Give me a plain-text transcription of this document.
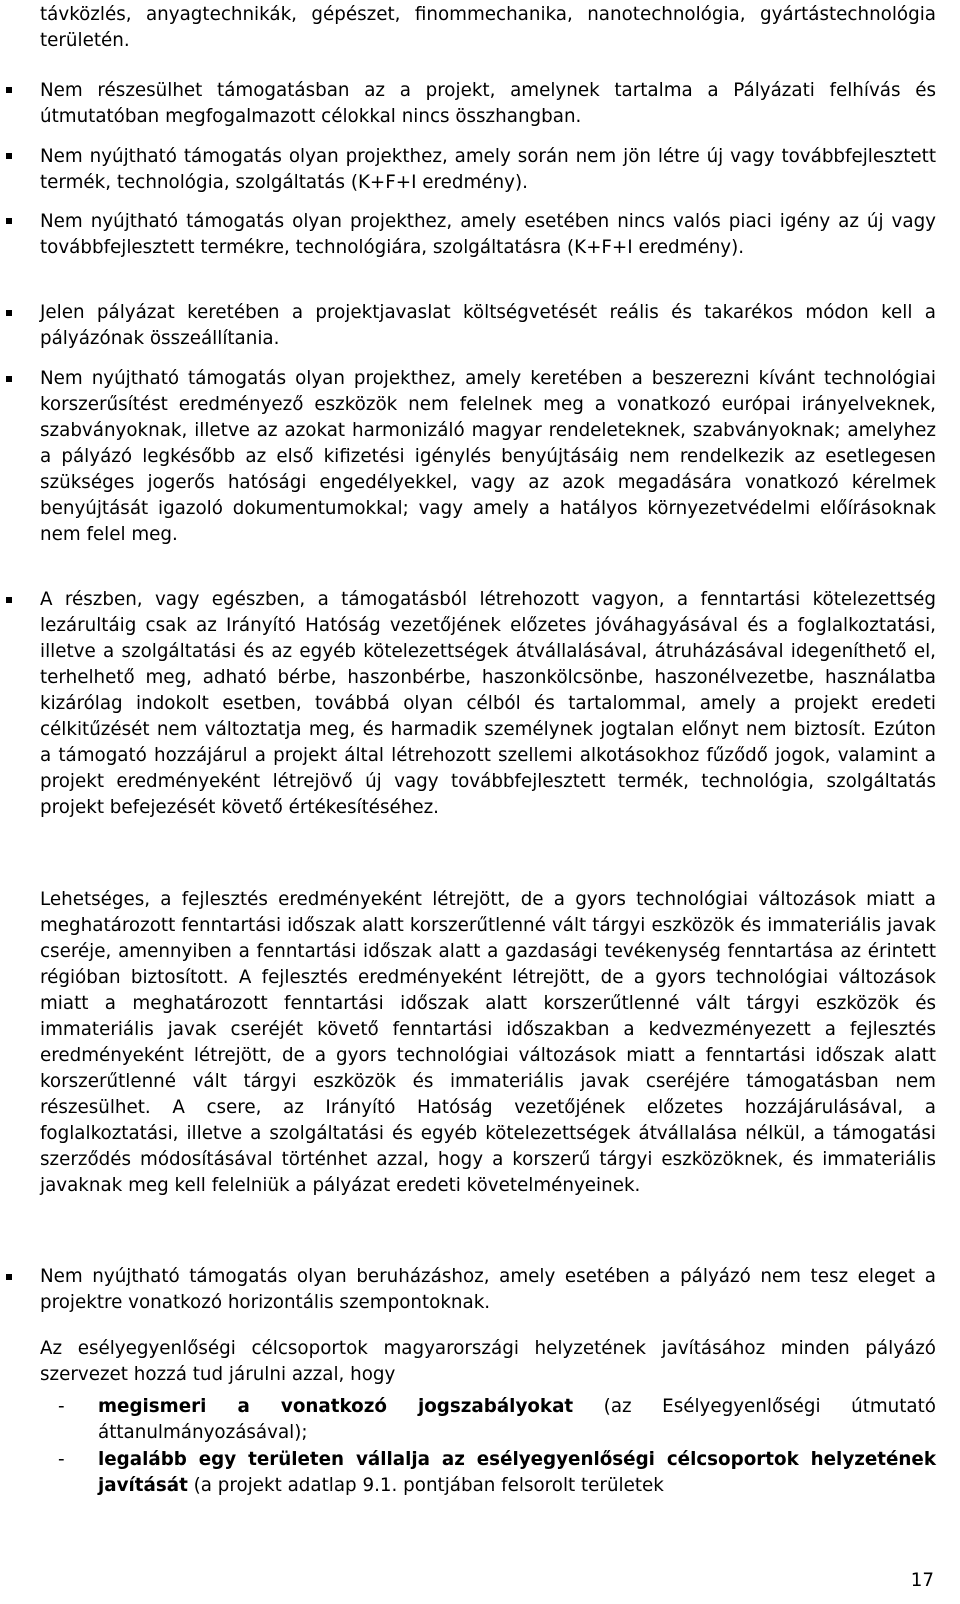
távközlés, anyagtechnikák, gépészet, finommechanika, nanotechnológia, gyártástechnológia területén.

Nem részesülhet támogatásban az a projekt, amelynek tartalma a Pályázati felhívás és útmutatóban megfogalmazott célokkal nincs összhangban.

Nem nyújtható támogatás olyan projekthez, amely során nem jön létre új vagy továbbfejlesztett termék, technológia, szolgáltatás (K+F+I eredmény).

Nem nyújtható támogatás olyan projekthez, amely esetében nincs valós piaci igény az új vagy továbbfejlesztett termékre, technológiára, szolgáltatásra (K+F+I eredmény).

Jelen pályázat keretében a projektjavaslat költségvetését reális és takarékos módon kell a pályázónak összeállítania.

Nem nyújtható támogatás olyan projekthez, amely keretében a beszerezni kívánt technológiai korszerűsítést eredményező eszközök nem felelnek meg a vonatkozó európai irányelveknek, szabványoknak, illetve az azokat harmonizáló magyar rendeleteknek, szabványoknak; amelyhez a pályázó legkésőbb az első kifizetési igénylés benyújtásáig nem rendelkezik az esetlegesen szükséges jogerős hatósági engedélyekkel, vagy az azok megadására vonatkozó kérelmek benyújtását igazoló dokumentumokkal; vagy amely a hatályos környezetvédelmi előírásoknak nem felel meg.

A részben, vagy egészben, a támogatásból létrehozott vagyon, a fenntartási kötelezettség lezárultáig csak az Irányító Hatóság vezetőjének előzetes jóváhagyásával és a foglalkoztatási, illetve a szolgáltatási és az egyéb kötelezettségek átvállalásával, átruházásával idegeníthető el, terhelhető meg, adható bérbe, haszonbérbe, haszonkölcsönbe, haszonélvezetbe, használatba kizárólag indokolt esetben, továbbá olyan célból és tartalommal, amely a projekt eredeti célkitűzését nem változtatja meg, és harmadik személynek jogtalan előnyt nem biztosít. Ezúton a támogató hozzájárul a projekt által létrehozott szellemi alkotásokhoz fűződő jogok, valamint a projekt eredményeként létrejövő új vagy továbbfejlesztett termék, technológia, szolgáltatás projekt befejezését követő értékesítéséhez.

Lehetséges, a fejlesztés eredményeként létrejött, de a gyors technológiai változások miatt a meghatározott fenntartási időszak alatt korszerűtlenné vált tárgyi eszközök és immateriális javak cseréje, amennyiben a fenntartási időszak alatt a gazdasági tevékenység fenntartása az érintett régióban biztosított. A fejlesztés eredményeként létrejött, de a gyors technológiai változások miatt a meghatározott fenntartási időszak alatt korszerűtlenné vált tárgyi eszközök és immateriális javak cseréjét követő fenntartási időszakban a kedvezményezett a fejlesztés eredményeként létrejött, de a gyors technológiai változások miatt a fenntartási időszak alatt korszerűtlenné vált tárgyi eszközök és immateriális javak cseréjére támogatásban nem részesülhet. A csere, az Irányító Hatóság vezetőjének előzetes hozzájárulásával, a foglalkoztatási, illetve a szolgáltatási és egyéb kötelezettségek átvállalása nélkül, a támogatási szerződés módosításával történhet azzal, hogy a korszerű tárgyi eszközöknek, és immateriális javaknak meg kell felelniük a pályázat eredeti követelményeinek.

Nem nyújtható támogatás olyan beruházáshoz, amely esetében a pályázó nem tesz eleget a projektre vonatkozó horizontális szempontoknak.

Az esélyegyenlőségi célcsoportok magyarországi helyzetének javításához minden pályázó szervezet hozzá tud járulni azzal, hogy

- megismeri a vonatkozó jogszabályokat (az Esélyegyenlőségi útmutató áttanulmányozásával);

- legalább egy területen vállalja az esélyegyenlőségi célcsoportok helyzetének javítását (a projekt adatlap 9.1. pontjában felsorolt területek

17
